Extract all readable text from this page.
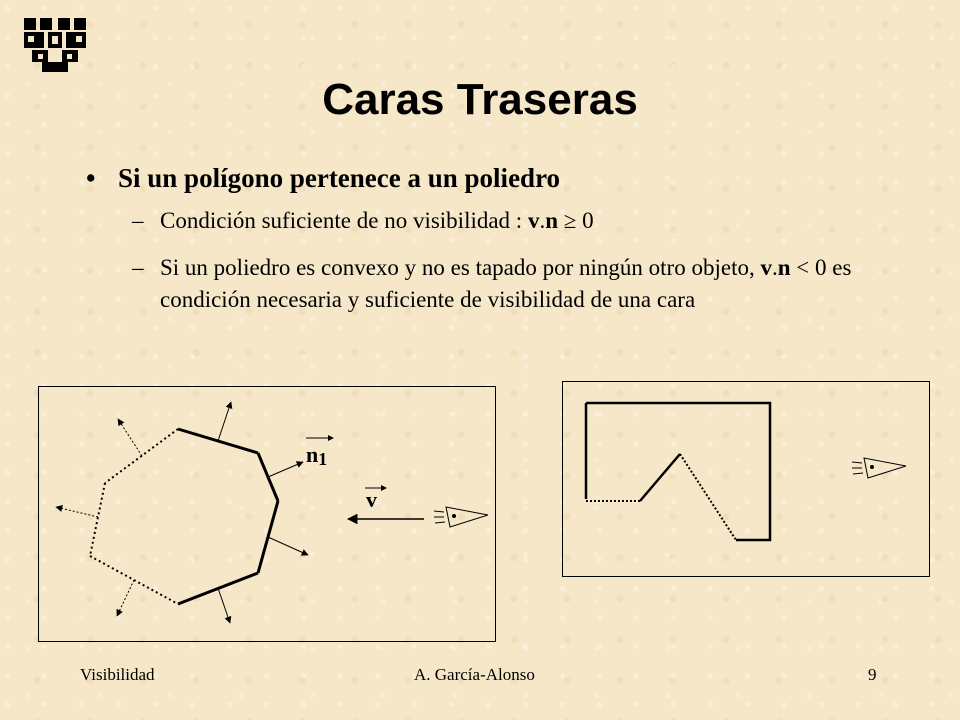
Caras Traseras
• Si un polígono pertenece a un poliedro
– Condición suficiente de no visibilidad : v.n ≥ 0
– Si un poliedro es convexo y no es tapado por ningún otro objeto, v.n < 0 es condición necesaria y suficiente de visibilidad de una cara
n1
v
Visibilidad	A. García-Alonso	9
